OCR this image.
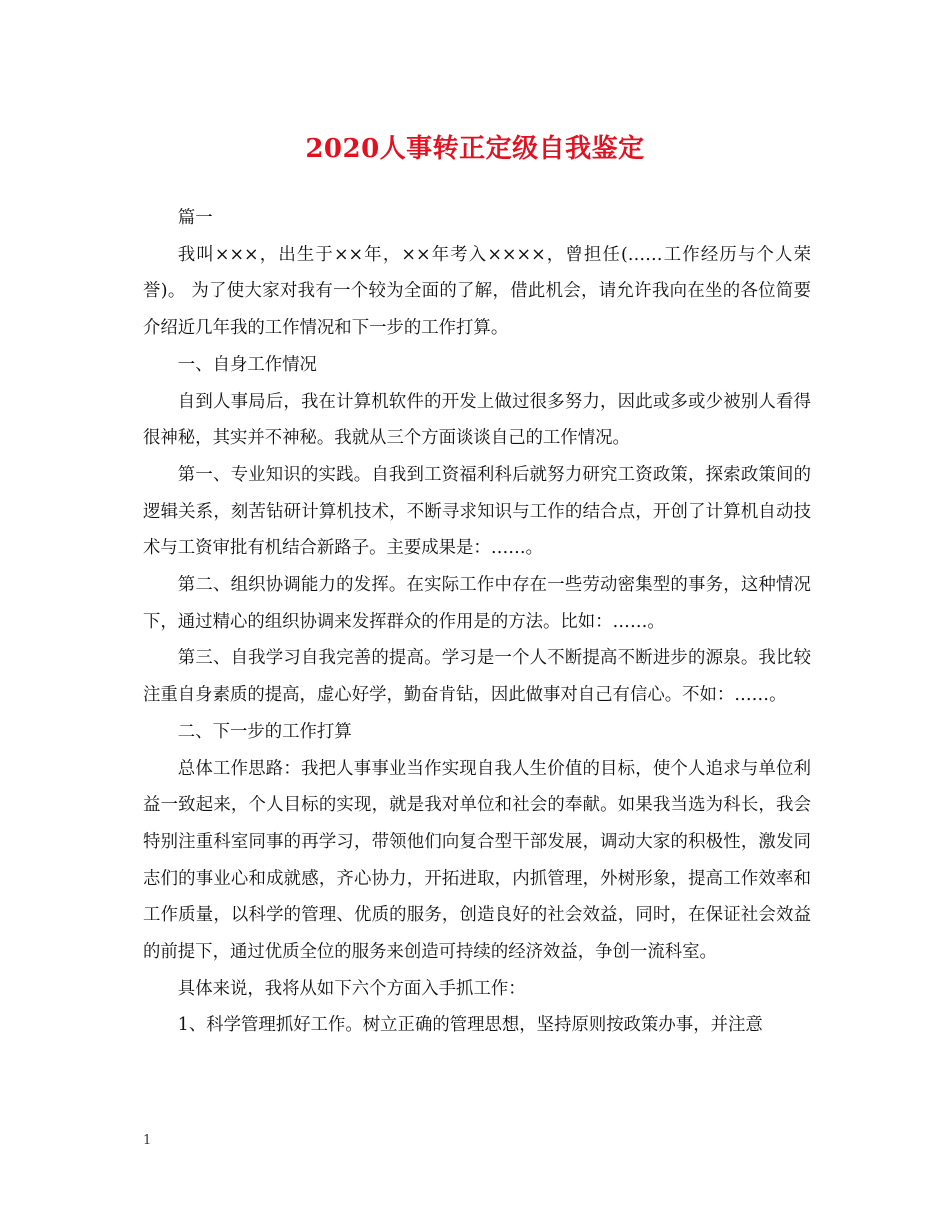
2020人事转正定级自我鉴定

篇一

我叫×××，出生于××年，××年考入××××，曾担任(……工作经历与个人荣誉)。 为了使大家对我有一个较为全面的了解，借此机会，请允许我向在坐的各位简要介绍近几年我的工作情况和下一步的工作打算。

一、自身工作情况

自到人事局后，我在计算机软件的开发上做过很多努力，因此或多或少被别人看得很神秘，其实并不神秘。我就从三个方面谈谈自己的工作情况。

第一、专业知识的实践。自我到工资福利科后就努力研究工资政策，探索政策间的逻辑关系，刻苦钻研计算机技术，不断寻求知识与工作的结合点，开创了计算机自动技术与工资审批有机结合新路子。主要成果是：……。

第二、组织协调能力的发挥。在实际工作中存在一些劳动密集型的事务，这种情况下，通过精心的组织协调来发挥群众的作用是的方法。比如：……。

第三、自我学习自我完善的提高。学习是一个人不断提高不断进步的源泉。我比较注重自身素质的提高，虚心好学，勤奋肯钻，因此做事对自己有信心。不如：……。

二、下一步的工作打算

总体工作思路：我把人事事业当作实现自我人生价值的目标，使个人追求与单位利益一致起来，个人目标的实现，就是我对单位和社会的奉献。如果我当选为科长，我会特别注重科室同事的再学习，带领他们向复合型干部发展，调动大家的积极性，激发同志们的事业心和成就感，齐心协力，开拓进取，内抓管理，外树形象，提高工作效率和工作质量，以科学的管理、优质的服务，创造良好的社会效益，同时，在保证社会效益的前提下，通过优质全位的服务来创造可持续的经济效益，争创一流科室。

具体来说，我将从如下六个方面入手抓工作：

1、科学管理抓好工作。树立正确的管理思想，坚持原则按政策办事，并注意

1
